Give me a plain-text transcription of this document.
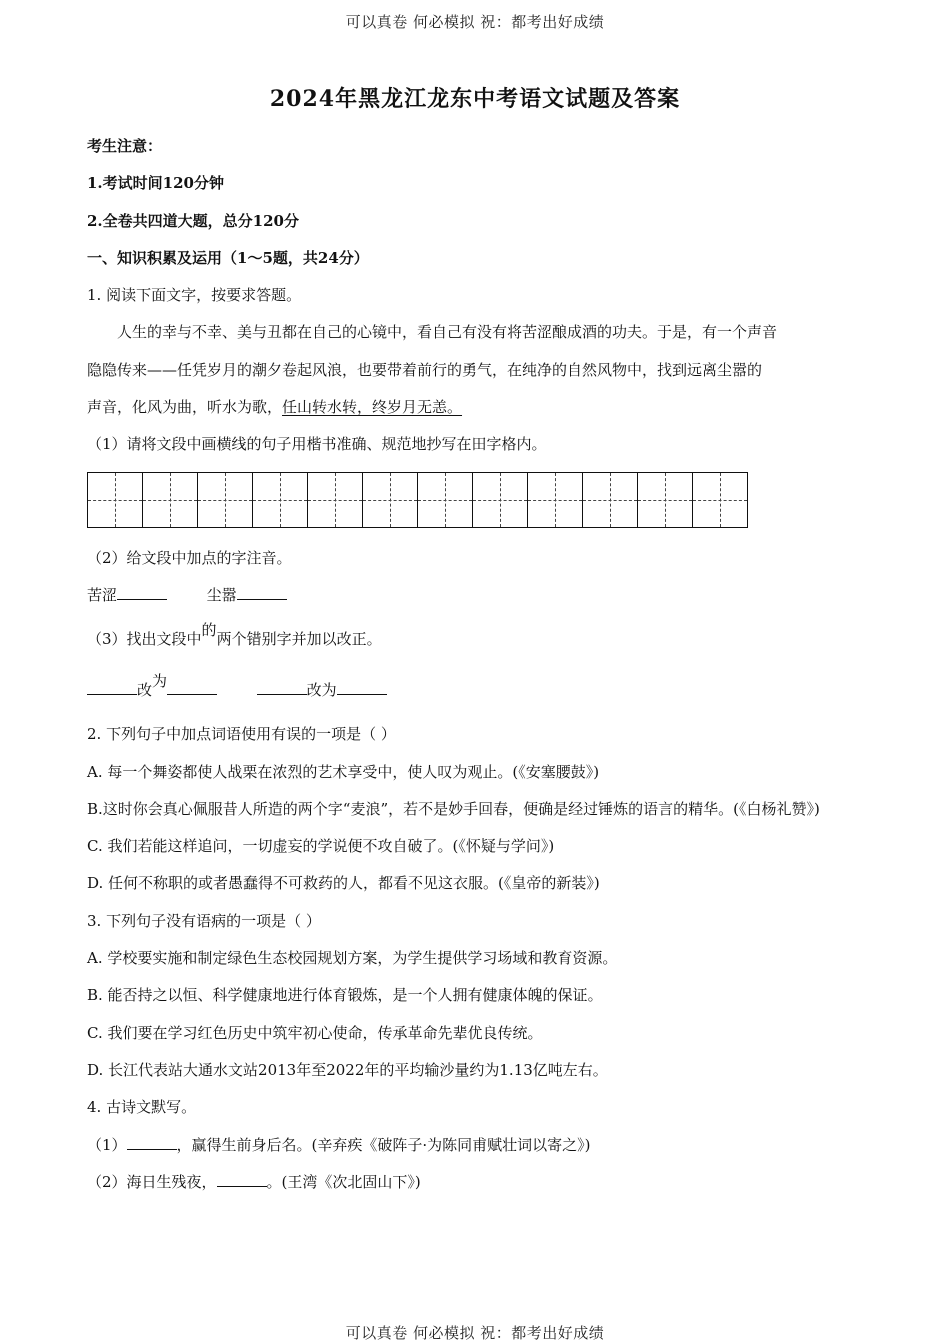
可以真卷 何必模拟 祝：都考出好成绩
2024年黑龙江龙东中考语文试题及答案
考生注意：
1.考试时间120分钟
2.全卷共四道大题，总分120分
一、知识积累及运用（1～5题，共24分）
1. 阅读下面文字，按要求答题。
人生的幸与不幸、美与丑都在自己的心镜中，看自己有没有将苦涩酿成酒的功夫。于是，有一个声音
隐隐传来——任凭岁月的潮夕卷起风浪，也要带着前行的勇气，在纯净的自然风物中，找到远离尘嚣的
声音，化风为曲，听水为歌，任山转水转，终岁月无恙。
（1）请将文段中画横线的句子用楷书准确、规范地抄写在田字格内。
（2）给文段中加点的字注音。
苦涩	尘嚣
（3）找出文段中的两个错别字并加以改正。
改为	改为
2. 下列句子中加点词语使用有误的一项是（ ）
A. 每一个舞姿都使人战栗在浓烈的艺术享受中，使人叹为观止。(《安塞腰鼓》)
B.这时你会真心佩服昔人所造的两个字“麦浪”，若不是妙手回春，便确是经过锤炼的语言的精华。(《白杨礼赞》)
C. 我们若能这样追问，一切虚妄的学说便不攻自破了。(《怀疑与学问》)
D. 任何不称职的或者愚蠢得不可救药的人，都看不见这衣服。(《皇帝的新装》)
3. 下列句子没有语病的一项是（ ）
A. 学校要实施和制定绿色生态校园规划方案，为学生提供学习场域和教育资源。
B. 能否持之以恒、科学健康地进行体育锻炼，是一个人拥有健康体魄的保证。
C. 我们要在学习红色历史中筑牢初心使命，传承革命先辈优良传统。
D. 长江代表站大通水文站2013年至2022年的平均输沙量约为1.13亿吨左右。
4. 古诗文默写。
（1）	，赢得生前身后名。(辛弃疾《破阵子·为陈同甫赋壮词以寄之》)
（2）海日生残夜，	。(王湾《次北固山下》)
可以真卷 何必模拟 祝：都考出好成绩
